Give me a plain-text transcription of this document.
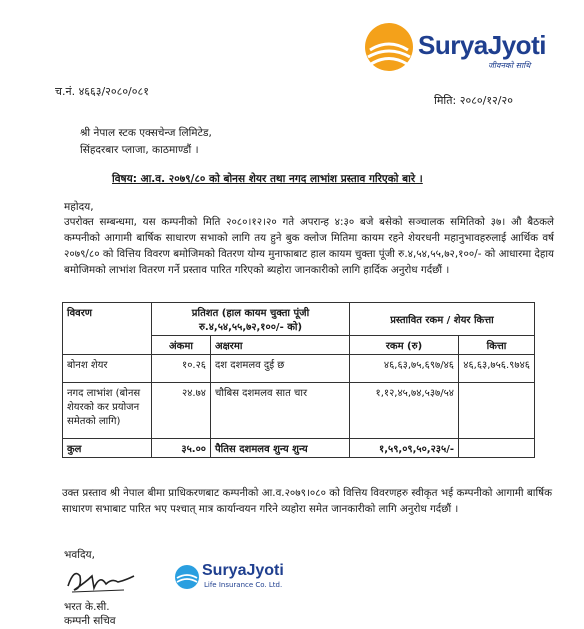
SuryaJyoti
जीवनको साथि
च.नं. ४६६३/२०८०/०८१
मिति: २०८०/१२/२०
श्री नेपाल स्टक एक्सचेन्ज लिमिटेड,
सिंहदरबार प्लाजा, काठमाण्डौं ।
विषय: आ.व. २०७९/८० को बोनस शेयर तथा नगद लाभांश प्रस्ताव गरिएको बारे ।
महोदय,
उपरोक्त सम्बन्धमा, यस कम्पनीको मिति २०८०।१२।२० गते अपरान्ह ४:३० बजे बसेको सञ्चालक समितिको ३७। औ बैठकले कम्पनीको आगामी बार्षिक साधारण सभाको लागि तय हुने बुक क्लोज मितिमा कायम रहने शेयरधनी महानुभावहरुलाई आर्थिक वर्ष २०७९/८० को वित्तिय विवरण बमोजिमको वितरण योग्य मुनाफाबाट हाल कायम चुक्ता पूंजी रु.४,५४,५५,७२,१००/- को आधारमा देहाय बमोजिमको लाभांश वितरण गर्ने प्रस्ताव पारित गरिएको ब्यहोरा जानकारीको लागि हार्दिक अनुरोध गर्दछौं ।
विवरण	प्रतिशत (हाल कायम चुक्ता पूंजी रु.४,५४,५५,७२,१००/- को)		प्रस्तावित रकम / शेयर कित्ता	
	अंकमा	अक्षरमा	रकम (रु)	कित्ता
बोनश शेयर	१०.२६	दश दशमलव दुई छ	४६,६३,७५,६९७/४६	४६,६३,७५६.९७४६
नगद लाभांश (बोनस शेयरको कर प्रयोजन समेतको लागि)	२४.७४	चौबिस दशमलव सात चार	१,१२,४५,७४,५३७/५४	
कुल	३५.००	पैतिस दशमलव शुन्य शुन्य	१,५९,०९,५०,२३५/-	
उक्त प्रस्ताव श्री नेपाल बीमा प्राधिकरणबाट कम्पनीको आ.व.२०७९।०८० को वित्तिय विवरणहरु स्वीकृत भई कम्पनीको आगामी बार्षिक साधारण सभाबाट पारित भए पश्चात् मात्र कार्यान्वयन गरिने व्यहोरा समेत जानकारीको लागि अनुरोध गर्दछौं ।
भवदिय,
भरत के.सी.
कम्पनी सचिव
SuryaJyoti
Life Insurance Co. Ltd.
